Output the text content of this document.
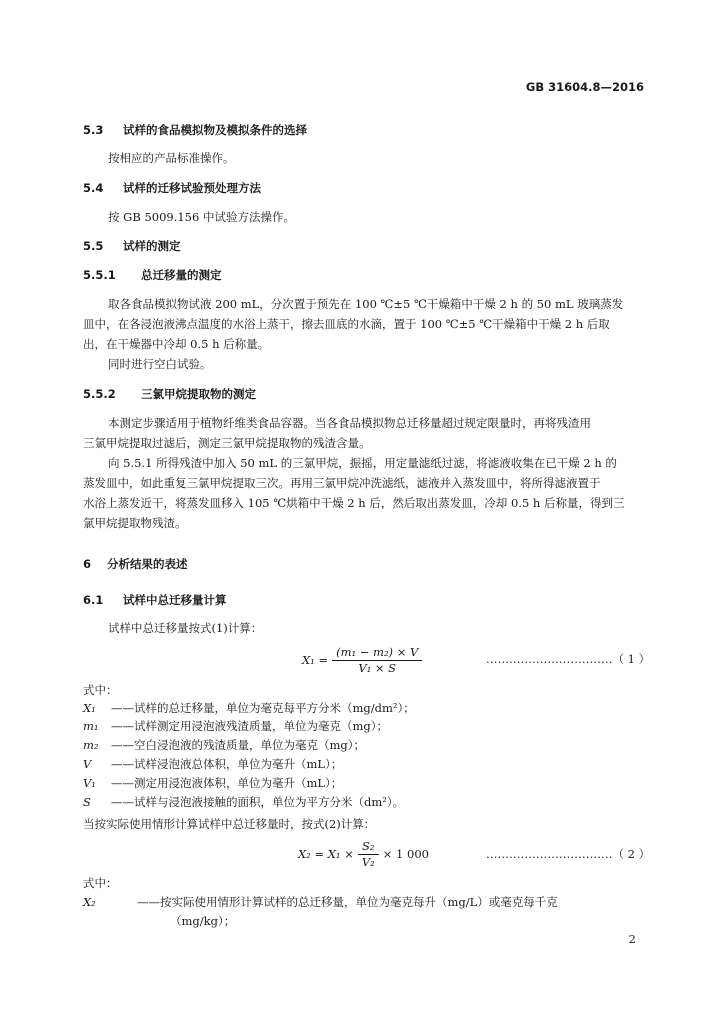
GB 31604.8—2016
5.3 试样的食品模拟物及模拟条件的选择
按相应的产品标准操作。
5.4 试样的迁移试验预处理方法
按 GB 5009.156 中试验方法操作。
5.5 试样的测定
5.5.1 总迁移量的测定
取各食品模拟物试液 200 mL，分次置于预先在 100 ℃±5 ℃干燥箱中干燥 2 h 的 50 mL 玻璃蒸发
皿中，在各浸泡液沸点温度的水浴上蒸干，擦去皿底的水滴，置于 100 ℃±5 ℃干燥箱中干燥 2 h 后取
出，在干燥器中冷却 0.5 h 后称量。
同时进行空白试验。
5.5.2 三氯甲烷提取物的测定
本测定步骤适用于植物纤维类食品容器。当各食品模拟物总迁移量超过规定限量时，再将残渣用
三氯甲烷提取过滤后，测定三氯甲烷提取物的残渣含量。
向 5.5.1 所得残渣中加入 50 mL 的三氯甲烷，振摇，用定量滤纸过滤，将滤液收集在已干燥 2 h 的
蒸发皿中，如此重复三氯甲烷提取三次。再用三氯甲烷冲洗滤纸，滤液并入蒸发皿中，将所得滤液置于
水浴上蒸发近干，将蒸发皿移入 105 ℃烘箱中干燥 2 h 后，然后取出蒸发皿，冷却 0.5 h 后称量，得到三
氯甲烷提取物残渣。
6 分析结果的表述
6.1 试样中总迁移量计算
试样中总迁移量按式(1)计算：
$X_1 = \frac{\text{(m₁ − m₂) × V}}{\text{V₁ × S}}$	……………………………（ 1 ）
式中：
X₁ ——试样的总迁移量，单位为毫克每平方分米（mg/dm²）；
m₁ ——试样测定用浸泡液残渣质量，单位为毫克（mg）；
m₂ ——空白浸泡液的残渣质量，单位为毫克（mg）；
V ——试样浸泡液总体积，单位为毫升（mL）；
V₁ ——测定用浸泡液体积，单位为毫升（mL）；
S ——试样与浸泡液接触的面积，单位为平方分米（dm²）。
当按实际使用情形计算试样中总迁移量时，按式(2)计算：
$X_2 = X_1 \times \frac{\text{S₂}}{\text{V₂}} \times 1$ 000	……………………………（ 2 ）
式中：
X₂	——按实际使用情形计算试样的总迁移量，单位为毫克每升（mg/L）或毫克每千克
（mg/kg）；
2
